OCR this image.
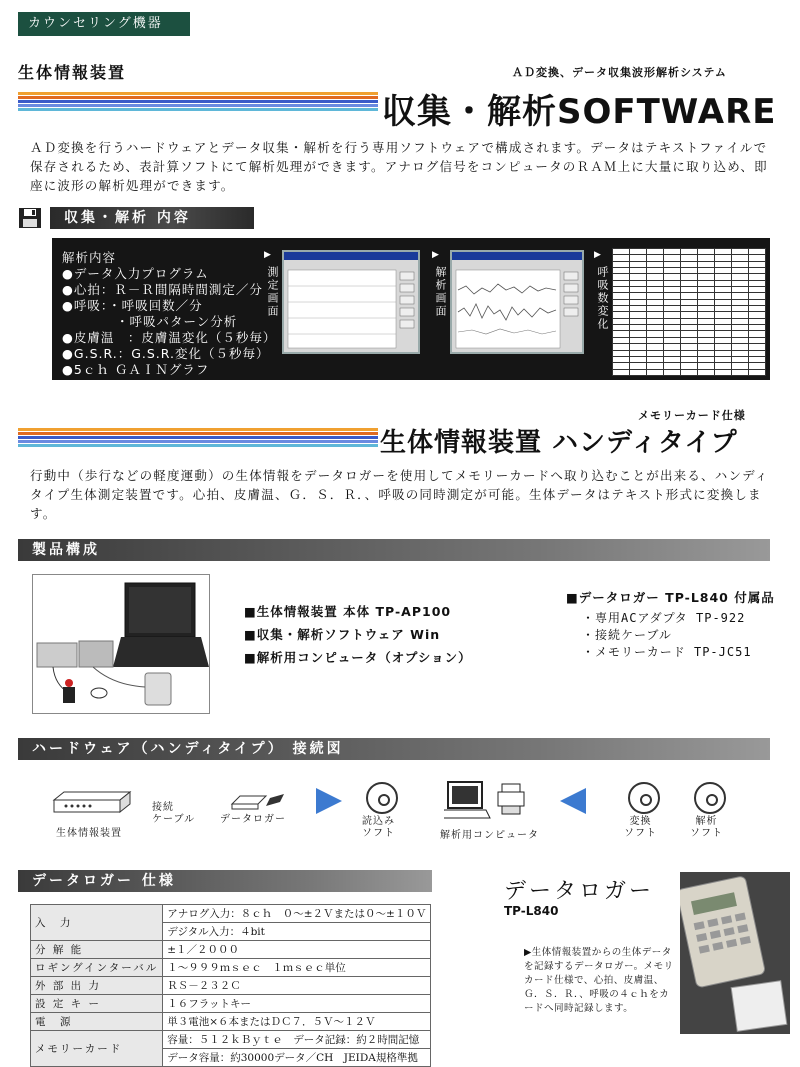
カウンセリング機器
生体情報装置	ＡＤ変換、データ収集波形解析システム
収集・解析SOFTWARE
ＡＤ変換を行うハードウェアとデータ収集・解析を行う専用ソフトウェアで構成されます。データはテキストファイルで保存されるため、表計算ソフトにて解析処理ができます。アナログ信号をコンピュータのＲＡＭ上に大量に取り込め、即座に波形の解析処理ができます。
収集・解析 内容
解析内容
●データ入力プログラム
●心拍：Ｒ－Ｒ間隔時間測定／分
●呼吸：・呼吸回数／分
　　　　・呼吸パターン分析
●皮膚温　：皮膚温変化（５秒毎）
●G.S.R.：G.S.R.変化（５秒毎）
●5ｃｈ ＧＡＩＮグラフ
▶
測定画面
▶
解析画面
▶
呼吸数変化

メモリーカード仕様
生体情報装置 ハンディタイプ
行動中（歩行などの軽度運動）の生体情報をデータロガーを使用してメモリーカードへ取り込むことが出来る、ハンディタイプ生体測定装置です。心拍、皮膚温、Ｇ．Ｓ．Ｒ．、呼吸の同時測定が可能。生体データはテキスト形式に変換します。
製品構成
■生体情報装置 本体 TP-AP100
■収集・解析ソフトウェア Win
■解析用コンピュータ（オプション）
■データロガー TP-L840 付属品
・専用ACアダプタ TP-922
・接続ケーブル
・メモリーカード TP-JC51
ハードウェア（ハンディタイプ） 接続図
生体情報装置
接続
ケーブル データロガー	読込み
ソフト	解析用コンピュータ
変換
ソフト
解析
ソフト
データロガー 仕様
入　力	アナログ入力：８ｃｈ　０～±２Ｖまたは０～±１０Ｖ
	デジタル入力：４bit
分 解 能	±１／２０００
ロギングインターバル	１～９９９ｍｓｅｃ　１ｍｓｅｃ単位
外 部 出 力	ＲＳ－２３２Ｃ
設 定 キ ー	１６フラットキー
電　源	単３電池×６本またはＤＣ７．５Ｖ～１２Ｖ
メモリーカード	容量：５１２ｋＢｙｔｅ　データ記録：約２時間記憶
	データ容量：約30000データ／CH　JEIDA規格準拠
データロガー
TP-L840
▶生体情報装置からの生体データを記録するデータロガー。メモリカード仕様で、心拍、皮膚温、Ｇ．Ｓ．Ｒ．、呼吸の４ｃｈをカードへ同時記録します。
